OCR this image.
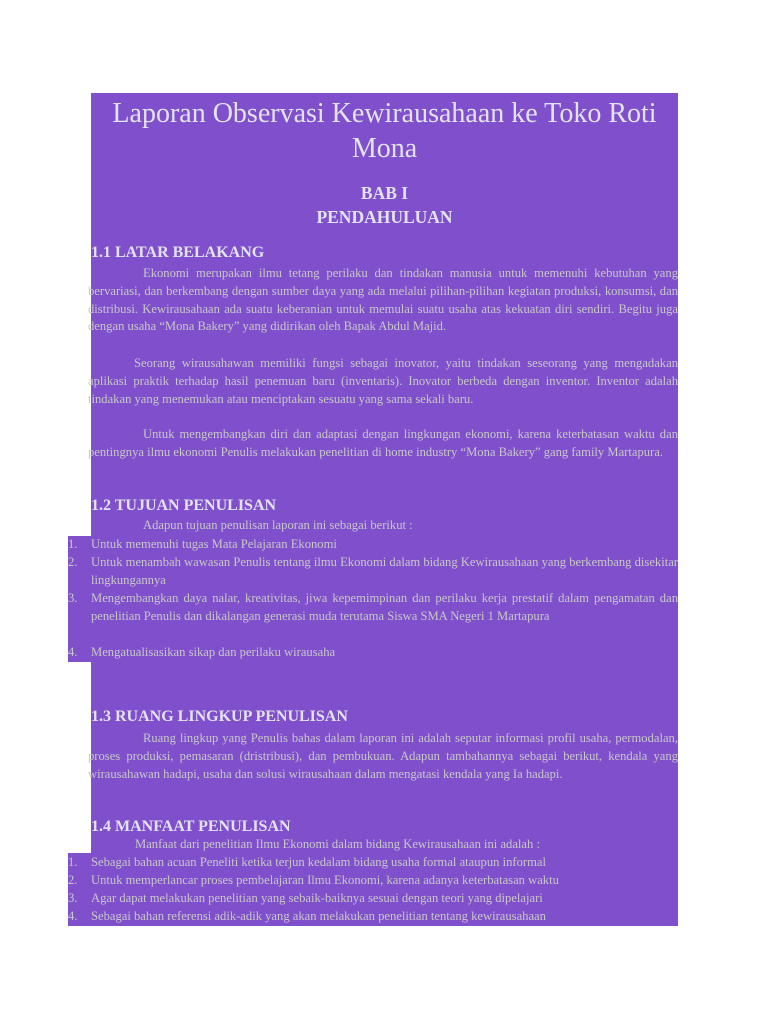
Laporan Observasi Kewirausahaan ke Toko Roti Mona
BAB I
PENDAHULUAN
1.1 LATAR BELAKANG

Ekonomi merupakan ilmu tetang perilaku dan tindakan manusia untuk memenuhi kebutuhan yang bervariasi, dan berkembang dengan sumber daya yang ada melalui pilihan-pilihan kegiatan produksi, konsumsi, dan distribusi. Kewirausahaan ada suatu keberanian untuk memulai suatu usaha atas kekuatan diri sendiri. Begitu juga dengan usaha “Mona Bakery” yang didirikan oleh Bapak Abdul Majid.

Seorang wirausahawan memiliki fungsi sebagai inovator, yaitu tindakan seseorang yang mengadakan aplikasi praktik terhadap hasil penemuan baru (inventaris). Inovator berbeda dengan inventor. Inventor adalah tindakan yang menemukan atau menciptakan sesuatu yang sama sekali baru.

Untuk mengembangkan diri dan adaptasi dengan lingkungan ekonomi, karena keterbatasan waktu dan pentingnya ilmu ekonomi Penulis melakukan penelitian di home industry “Mona Bakery” gang family Martapura.

1.2 TUJUAN PENULISAN
Adapun tujuan penulisan laporan ini sebagai berikut :
1. Untuk memenuhi tugas Mata Pelajaran Ekonomi
2. Untuk menambah wawasan Penulis tentang ilmu Ekonomi dalam bidang Kewirausahaan yang berkembang disekitar lingkungannya
3. Mengembangkan daya nalar, kreativitas, jiwa kepemimpinan dan perilaku kerja prestatif dalam pengamatan dan penelitian Penulis dan dikalangan generasi muda terutama Siswa SMA Negeri 1 Martapura
4. Mengatualisasikan sikap dan perilaku wirausaha
1.3 RUANG LINGKUP PENULISAN

Ruang lingkup yang Penulis bahas dalam laporan ini adalah seputar informasi profil usaha, permodalan, proses produksi, pemasaran (dristribusi), dan pembukuan. Adapun tambahannya sebagai berikut, kendala yang wirausahawan hadapi, usaha dan solusi wirausahaan dalam mengatasi kendala yang Ia hadapi.

1.4 MANFAAT PENULISAN
Manfaat dari penelitian Ilmu Ekonomi dalam bidang Kewirausahaan ini adalah :
1. Sebagai bahan acuan Peneliti ketika terjun kedalam bidang usaha formal ataupun informal
2. Untuk memperlancar proses pembelajaran Ilmu Ekonomi, karena adanya keterbatasan waktu
3. Agar dapat melakukan penelitian yang sebaik-baiknya sesuai dengan teori yang dipelajari
4. Sebagai bahan referensi adik-adik yang akan melakukan penelitian tentang kewirausahaan
